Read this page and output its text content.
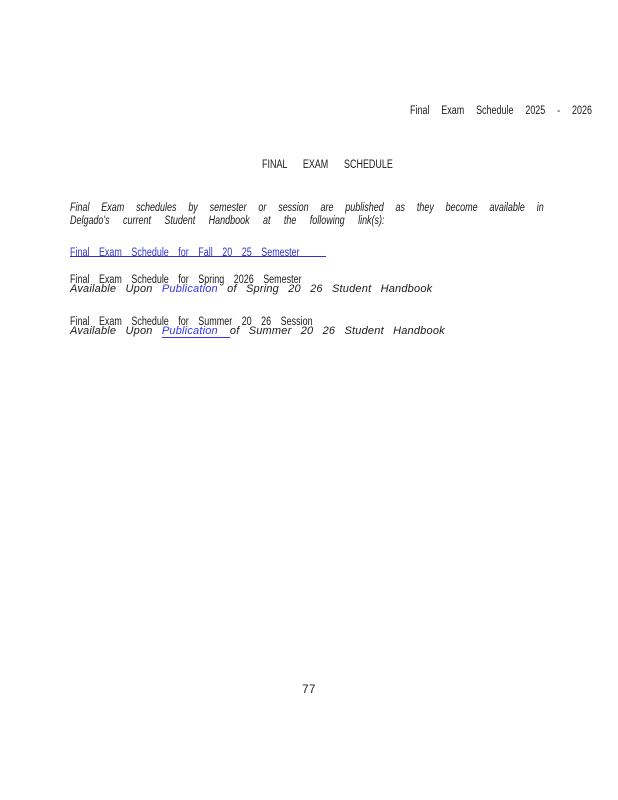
Final Exam Schedule 2025 - 2026
FINAL EXAM SCHEDULE
Final Exam schedules by semester or session are published as they become available in
Delgado's current Student Handbook at the following link(s):
Final Exam Schedule for Fall 20 25 Semester
Final Exam Schedule for Spring 2026 Semester
Available Upon Publication of Spring 20 26 Student Handbook
Final Exam Schedule for Summer 20 26 Session
Available Upon Publication of Summer 20 26 Student Handbook
77
